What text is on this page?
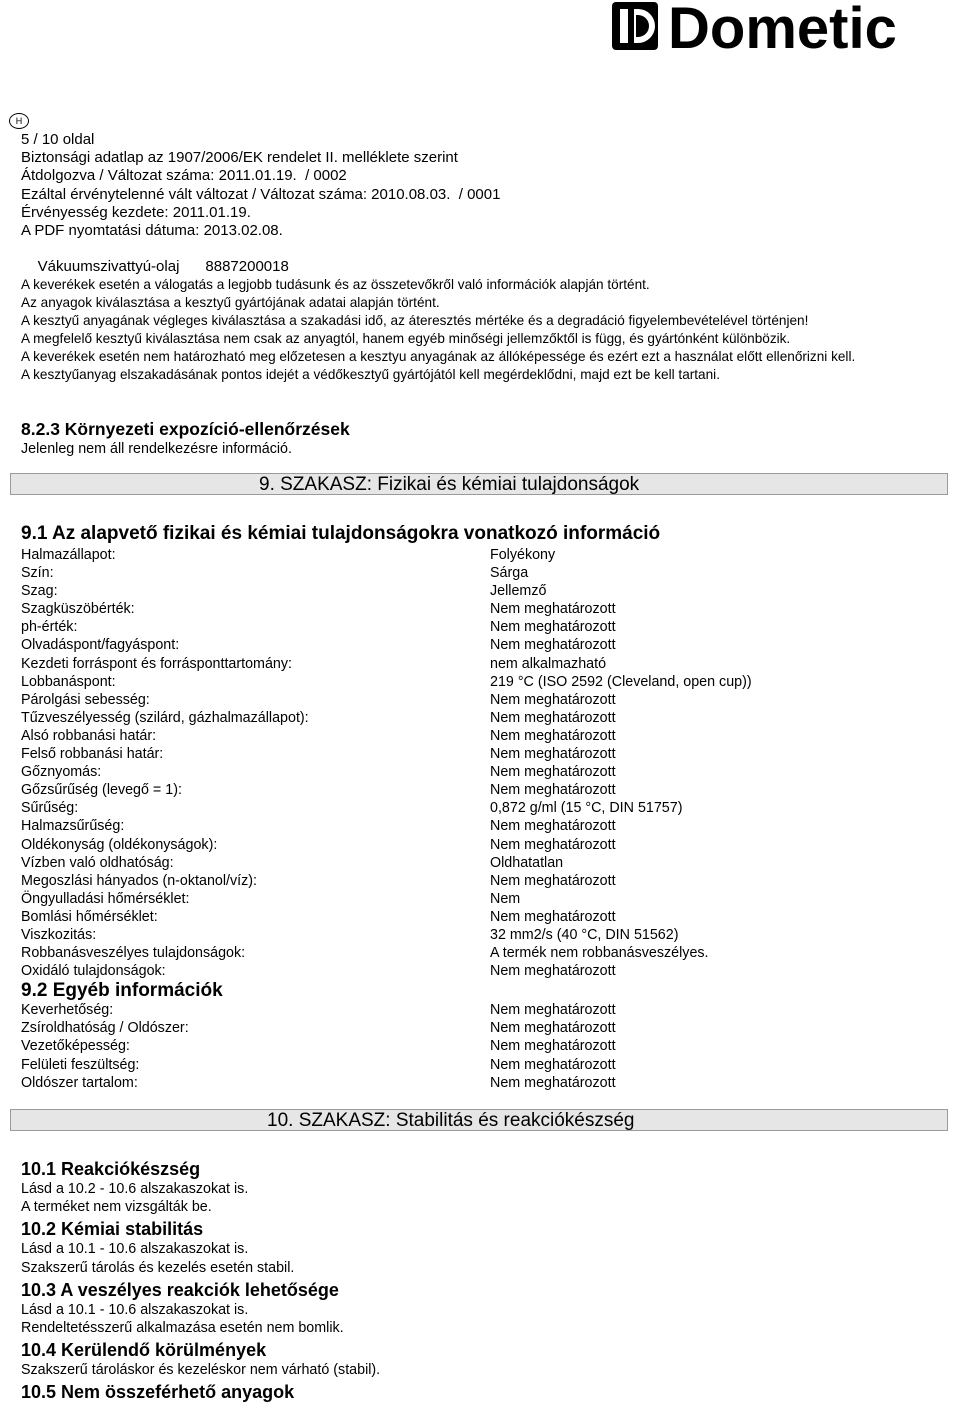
Dometic
H
5 / 10 oldal
Biztonsági adatlap az 1907/2006/EK rendelet II. melléklete szerint
Átdolgozva / Változat száma: 2011.01.19.  / 0002
Ezáltal érvénytelenné vált változat / Változat száma: 2010.08.03.  / 0001
Érvényesség kezdete: 2011.01.19.
A PDF nyomtatási dátuma: 2013.02.08.

Vákuumszivattyú-olaj 8887200018

A keverékek esetén a válogatás a legjobb tudásunk és az összetevőkről való információk alapján történt.
Az anyagok kiválasztása a kesztyű gyártójának adatai alapján történt.
A kesztyű anyagának végleges kiválasztása a szakadási idő, az áteresztés mértéke és a degradáció figyelembevételével történjen!
A megfelelő kesztyű kiválasztása nem csak az anyagtól, hanem egyéb minőségi jellemzőktől is függ, és gyártónként különbözik.
A keverékek esetén nem határozható meg előzetesen a kesztyu anyagának az állóképessége és ezért ezt a használat előtt ellenőrizni kell.
A kesztyűanyag elszakadásának pontos idejét a védőkesztyű gyártójától kell megérdeklődni, majd ezt be kell tartani.
8.2.3 Környezeti expozíció-ellenőrzések
Jelenleg nem áll rendelkezésre információ.
9. SZAKASZ: Fizikai és kémiai tulajdonságok
9.1 Az alapvető fizikai és kémiai tulajdonságokra vonatkozó információ
Halmazállapot:	Folyékony
Szín:	Sárga
Szag:	Jellemző
Szagküszöbérték:	Nem meghatározott
ph-érték:	Nem meghatározott
Olvadáspont/fagyáspont:	Nem meghatározott
Kezdeti forráspont és forrásponttartomány:	nem alkalmazható
Lobbanáspont:	219 °C (ISO 2592 (Cleveland, open cup))
Párolgási sebesség:	Nem meghatározott
Tűzveszélyesség (szilárd, gázhalmazállapot):	Nem meghatározott
Alsó robbanási határ:	Nem meghatározott
Felső robbanási határ:	Nem meghatározott
Gőznyomás:	Nem meghatározott
Gőzsűrűség (levegő = 1):	Nem meghatározott
Sűrűség:	0,872 g/ml (15 °C, DIN 51757)
Halmazsűrűség:	Nem meghatározott
Oldékonyság (oldékonyságok):	Nem meghatározott
Vízben való oldhatóság:	Oldhatatlan
Megoszlási hányados (n-oktanol/víz):	Nem meghatározott
Öngyulladási hőmérséklet:	Nem
Bomlási hőmérséklet:	Nem meghatározott
Viszkozitás:	32 mm2/s (40 °C, DIN 51562)
Robbanásveszélyes tulajdonságok:	A termék nem robbanásveszélyes.
Oxidáló tulajdonságok:	Nem meghatározott
9.2 Egyéb információk
Keverhetőség:	Nem meghatározott
Zsíroldhatóság / Oldószer:	Nem meghatározott
Vezetőképesség:	Nem meghatározott
Felületi feszültség:	Nem meghatározott
Oldószer tartalom:	Nem meghatározott
10. SZAKASZ: Stabilitás és reakciókészség
10.1 Reakciókészség
Lásd a 10.2 - 10.6 alszakaszokat is.
A terméket nem vizsgálták be.
10.2 Kémiai stabilitás
Lásd a 10.1 - 10.6 alszakaszokat is.
Szakszerű tárolás és kezelés esetén stabil.
10.3 A veszélyes reakciók lehetősége
Lásd a 10.1 - 10.6 alszakaszokat is.
Rendeltetésszerű alkalmazása esetén nem bomlik.
10.4 Kerülendő körülmények
Szakszerű tároláskor és kezeléskor nem várható (stabil).
10.5 Nem összeférhető anyagok
